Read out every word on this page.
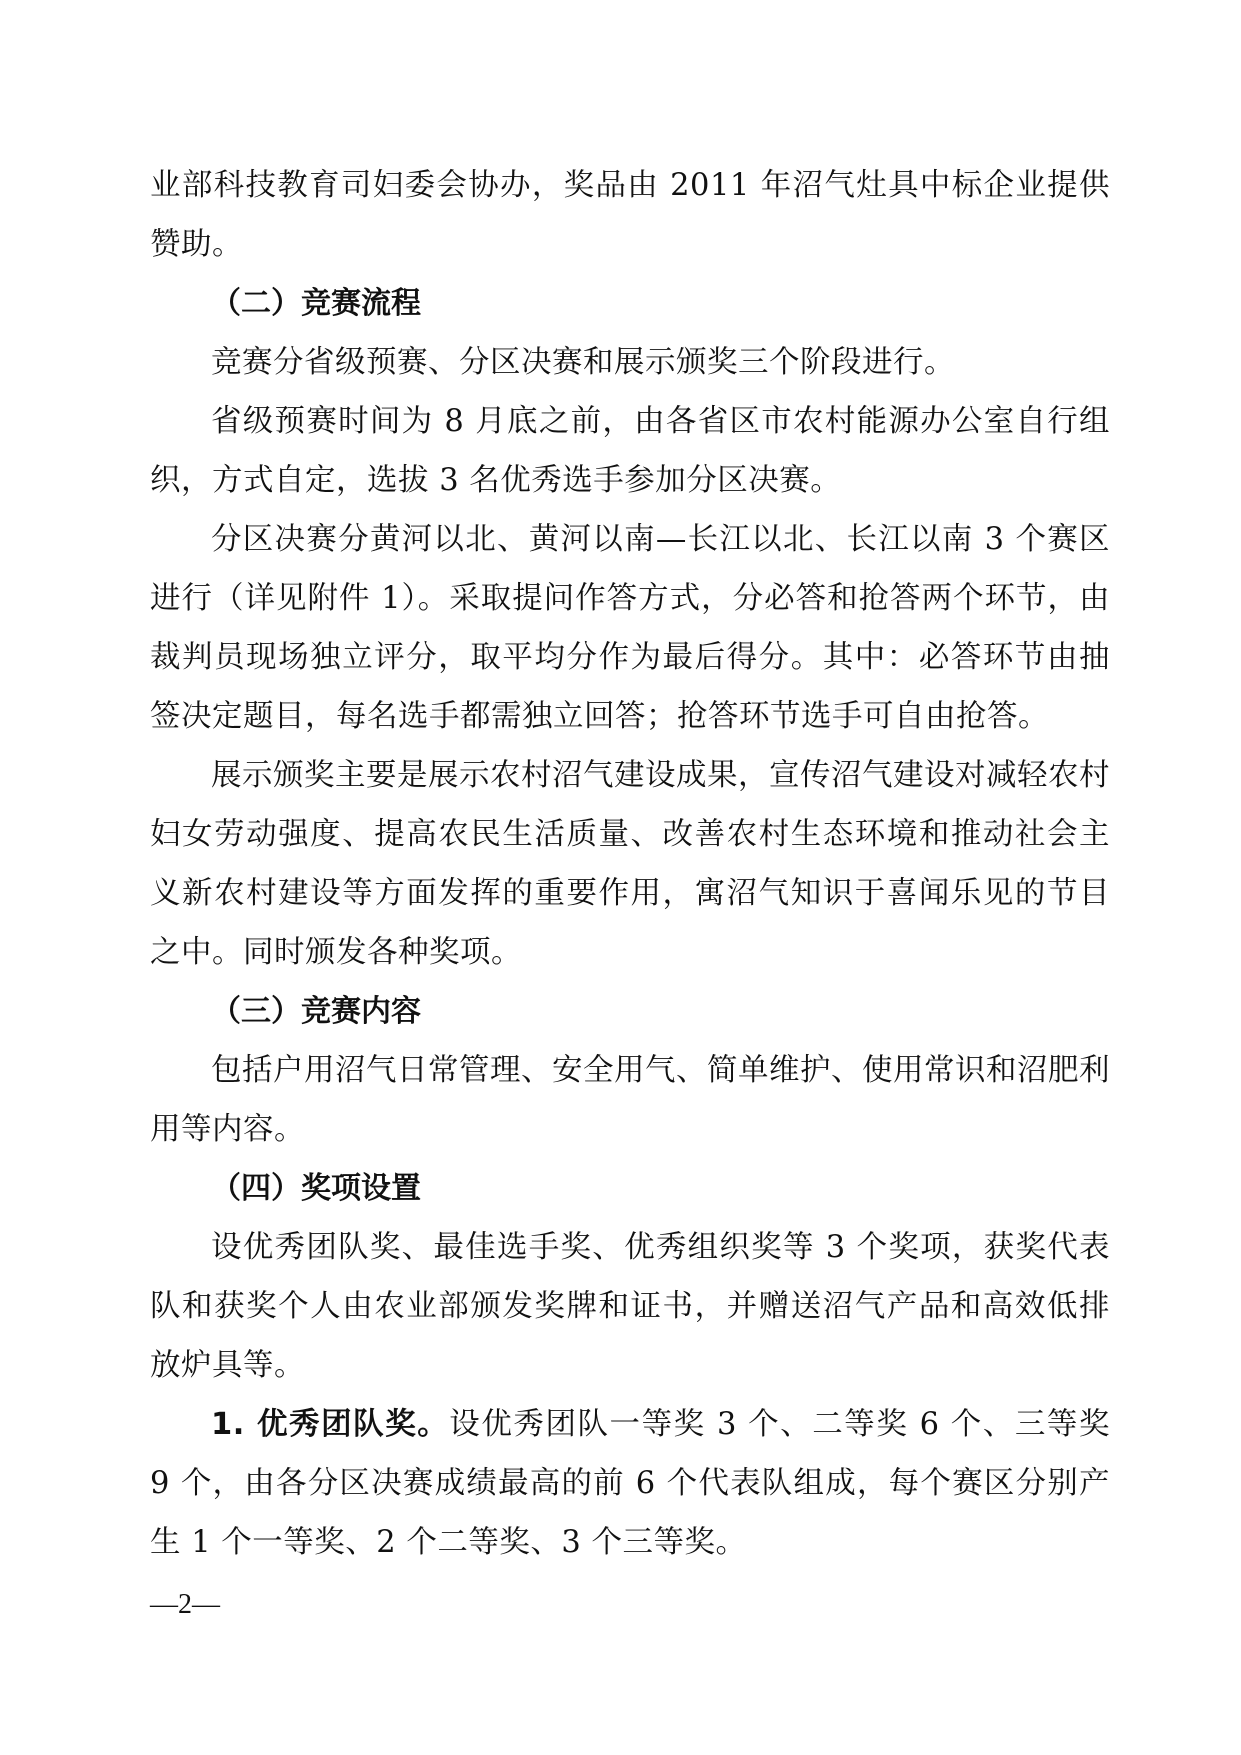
业部科技教育司妇委会协办，奖品由 2011 年沼气灶具中标企业提供赞助。

（二）竞赛流程

竞赛分省级预赛、分区决赛和展示颁奖三个阶段进行。

省级预赛时间为 8 月底之前，由各省区市农村能源办公室自行组织，方式自定，选拔 3 名优秀选手参加分区决赛。

分区决赛分黄河以北、黄河以南—长江以北、长江以南 3 个赛区进行（详见附件 1）。采取提问作答方式，分必答和抢答两个环节，由裁判员现场独立评分，取平均分作为最后得分。其中：必答环节由抽签决定题目，每名选手都需独立回答；抢答环节选手可自由抢答。

展示颁奖主要是展示农村沼气建设成果，宣传沼气建设对减轻农村妇女劳动强度、提高农民生活质量、改善农村生态环境和推动社会主义新农村建设等方面发挥的重要作用，寓沼气知识于喜闻乐见的节目之中。同时颁发各种奖项。

（三）竞赛内容

包括户用沼气日常管理、安全用气、简单维护、使用常识和沼肥利用等内容。

（四）奖项设置

设优秀团队奖、最佳选手奖、优秀组织奖等 3 个奖项，获奖代表队和获奖个人由农业部颁发奖牌和证书，并赠送沼气产品和高效低排放炉具等。

1. 优秀团队奖。设优秀团队一等奖 3 个、二等奖 6 个、三等奖 9 个，由各分区决赛成绩最高的前 6 个代表队组成，每个赛区分别产生 1 个一等奖、2 个二等奖、3 个三等奖。

—2—
